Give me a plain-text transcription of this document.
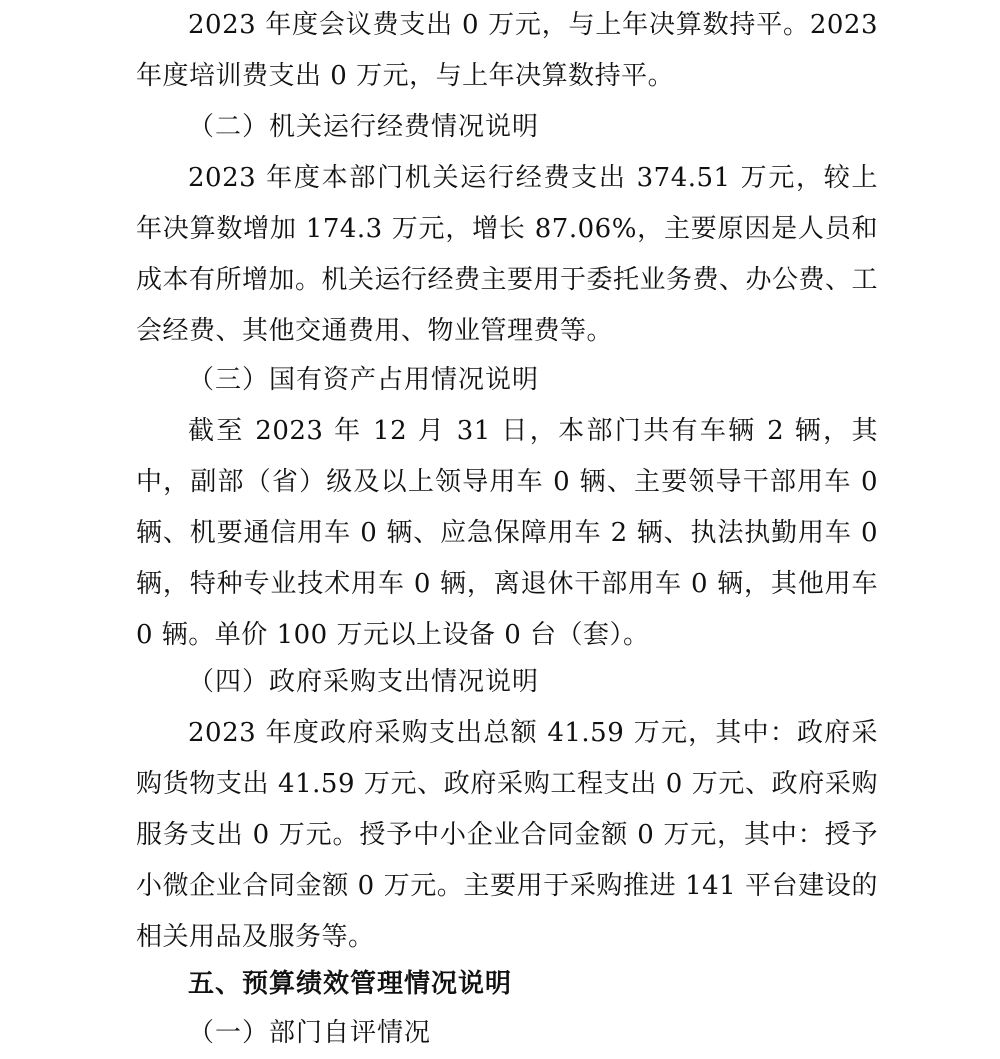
2023 年度会议费支出 0 万元，与上年决算数持平。2023 年度培训费支出 0 万元，与上年决算数持平。

（二）机关运行经费情况说明

2023 年度本部门机关运行经费支出 374.51 万元，较上年决算数增加 174.3 万元，增长 87.06%，主要原因是人员和成本有所增加。机关运行经费主要用于委托业务费、办公费、工会经费、其他交通费用、物业管理费等。

（三）国有资产占用情况说明

截至 2023 年 12 月 31 日，本部门共有车辆 2 辆，其中，副部（省）级及以上领导用车 0 辆、主要领导干部用车 0 辆、机要通信用车 0 辆、应急保障用车 2 辆、执法执勤用车 0 辆，特种专业技术用车 0 辆，离退休干部用车 0 辆，其他用车 0 辆。单价 100 万元以上设备 0 台（套）。

（四）政府采购支出情况说明

2023 年度政府采购支出总额 41.59 万元，其中：政府采购货物支出 41.59 万元、政府采购工程支出 0 万元、政府采购服务支出 0 万元。授予中小企业合同金额 0 万元，其中：授予小微企业合同金额 0 万元。主要用于采购推进 141 平台建设的相关用品及服务等。

五、预算绩效管理情况说明

（一）部门自评情况
